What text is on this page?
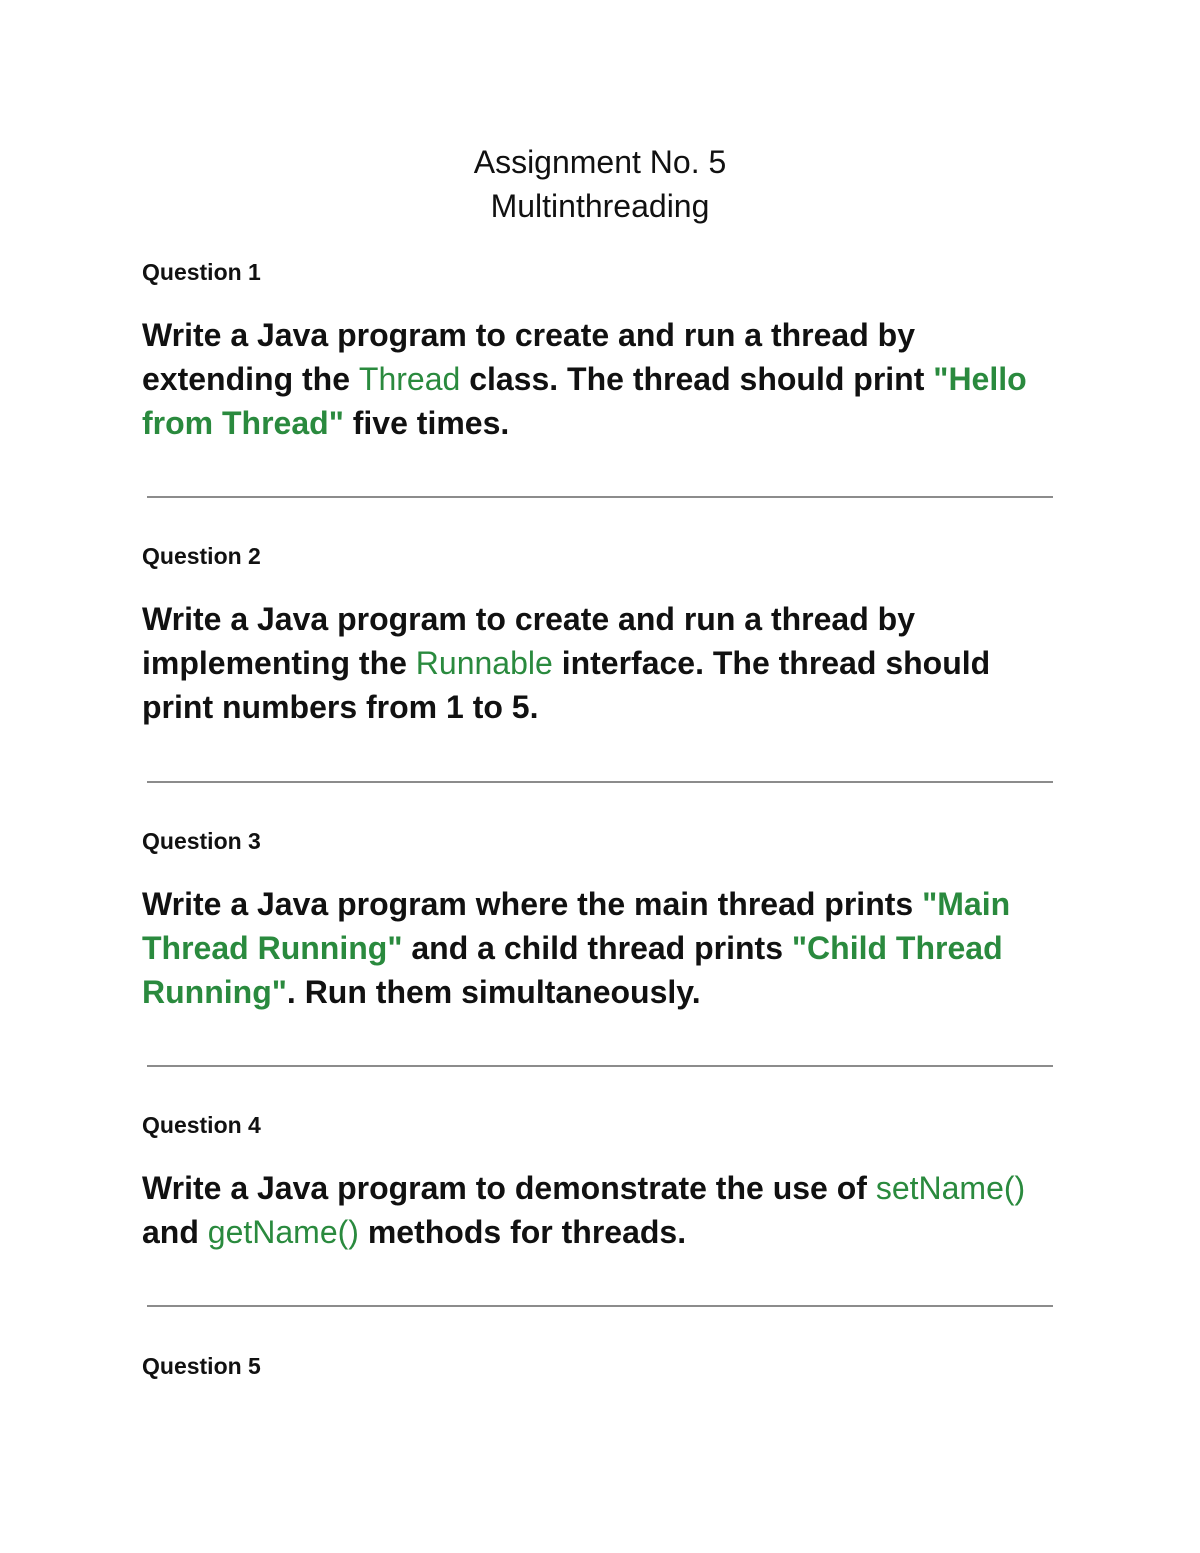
Assignment No. 5
Multinthreading
Question 1
Write a Java program to create and run a thread by extending the Thread class. The thread should print "Hello from Thread" five times.
Question 2
Write a Java program to create and run a thread by implementing the Runnable interface. The thread should print numbers from 1 to 5.
Question 3
Write a Java program where the main thread prints "Main Thread Running" and a child thread prints "Child Thread Running". Run them simultaneously.
Question 4
Write a Java program to demonstrate the use of setName() and getName() methods for threads.
Question 5
